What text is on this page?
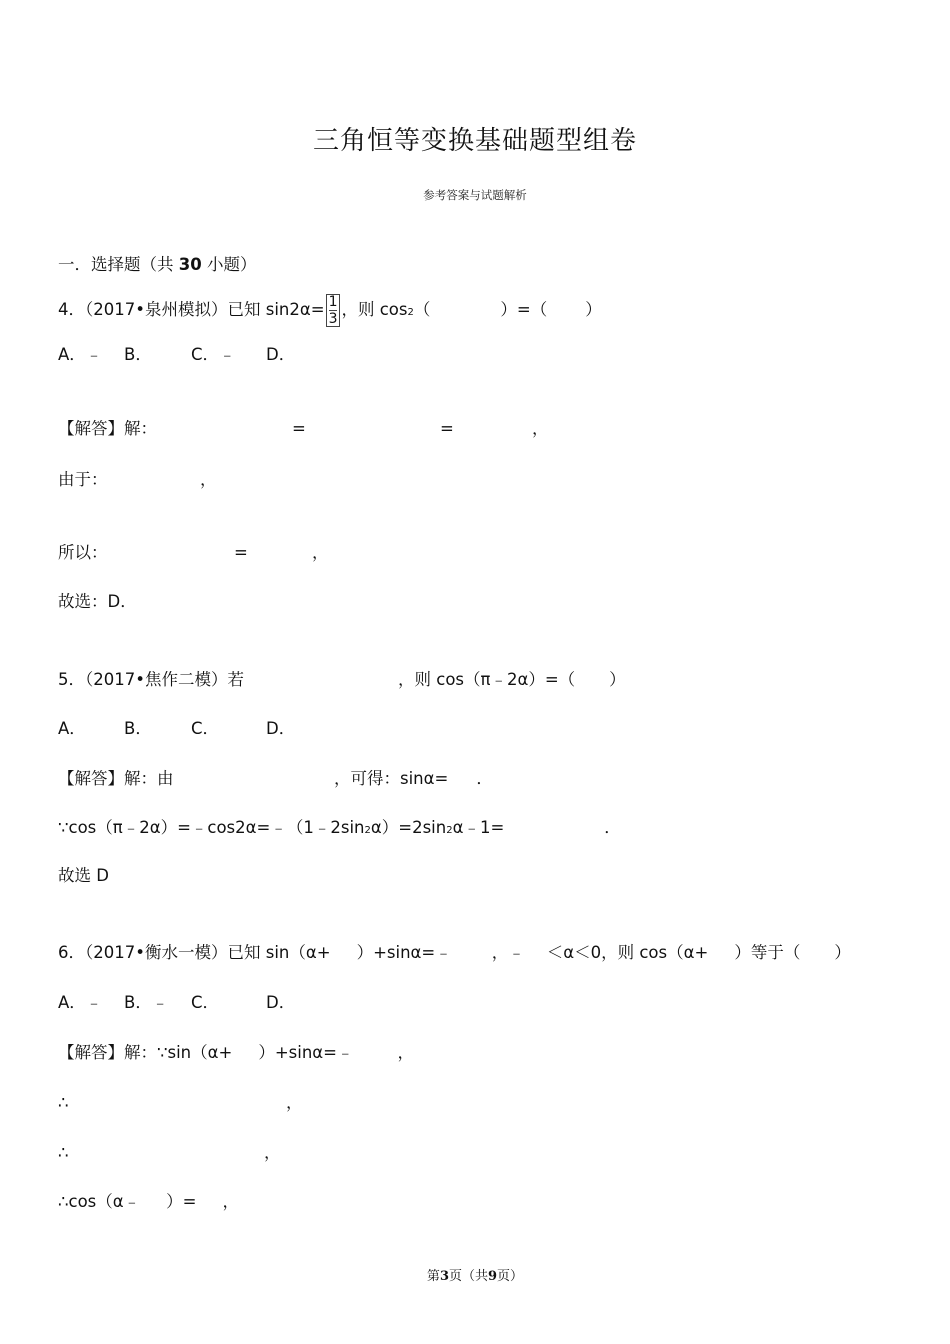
三角恒等变换基础题型组卷
参考答案与试题解析
一．选择题（共 30 小题）
4．（2017•泉州模拟）已知 $\sin 2\alpha= \frac{1}{3}$ ，则 cos2（	）=（ ）
A．﹣ B． C．﹣ D．
【解答】解：	=	=	，
由于：	，
所以：	=	，
故选：D．
5．（2017•焦作二模）若	，则 cos（π﹣2α）=（ ）
A． B． C．	D．
【解答】解：由	，可得：sinα= ．
∵cos（π﹣2α）=﹣cos2α=﹣（1﹣2sin2α）=2sin2α﹣1=	．
故选 D
6．（2017•衡水一模）已知 sin（α+ ）+sinα=﹣ ，﹣ ＜α＜0，则 cos（α+ ）等于（ ）
A．﹣ B．﹣ C．	D．
【解答】解：∵sin（α+ ）+sinα=﹣	，
∴	，
∴	，
∴cos（α﹣ ）= ，
第3页（共9页）
